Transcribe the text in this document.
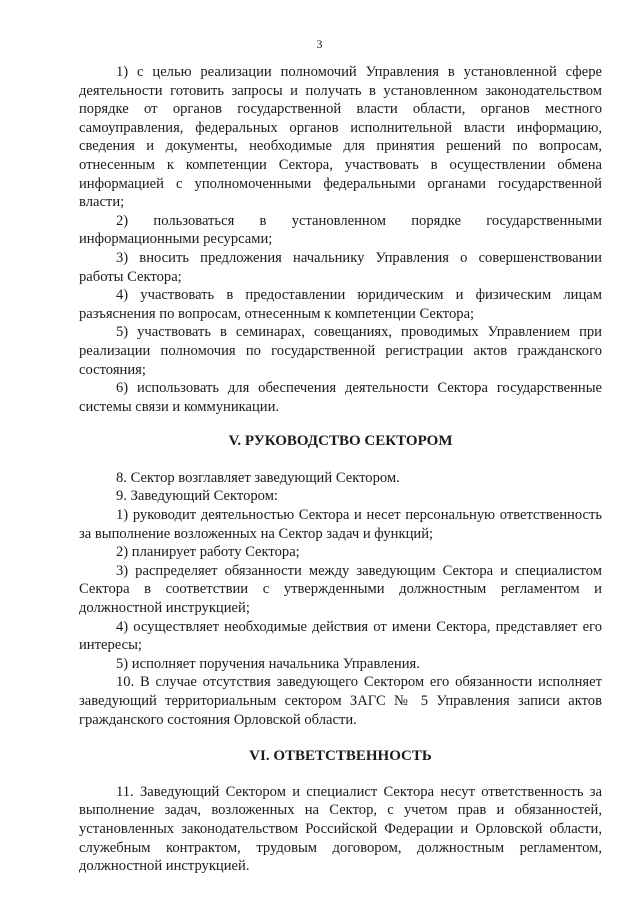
3

1) с целью реализации полномочий Управления в установленной сфере деятельности готовить запросы и получать в установленном законодательством порядке от органов государственной власти области, органов местного самоуправления, федеральных органов исполнительной власти информацию, сведения и документы, необходимые для принятия решений по вопросам, отнесенным к компетенции Сектора, участвовать в осуществлении обмена информацией с уполномоченными федеральными органами государственной власти;

2) пользоваться в установленном порядке государственными информационными ресурсами;

3) вносить предложения начальнику Управления о совершенствовании работы Сектора;

4) участвовать в предоставлении юридическим и физическим лицам разъяснения по вопросам, отнесенным к компетенции Сектора;

5) участвовать в семинарах, совещаниях, проводимых Управлением при реализации полномочия по государственной регистрации актов гражданского состояния;

6) использовать для обеспечения деятельности Сектора государственные системы связи и коммуникации.

V. РУКОВОДСТВО СЕКТОРОМ

8. Сектор возглавляет заведующий Сектором.

9. Заведующий Сектором:

1) руководит деятельностью Сектора и несет персональную ответственность за выполнение возложенных на Сектор задач и функций;

2) планирует работу Сектора;

3) распределяет обязанности между заведующим Сектора и специалистом Сектора в соответствии с утвержденными должностным регламентом и должностной инструкцией;

4) осуществляет необходимые действия от имени Сектора, представляет его интересы;

5) исполняет поручения начальника Управления.

10. В случае отсутствия заведующего Сектором его обязанности исполняет заведующий территориальным сектором ЗАГС № 5 Управления записи актов гражданского состояния Орловской области.

VI. ОТВЕТСТВЕННОСТЬ

11. Заведующий Сектором и специалист Сектора несут ответственность за выполнение задач, возложенных на Сектор, с учетом прав и обязанностей, установленных законодательством Российской Федерации и Орловской области, служебным контрактом, трудовым договором, должностным регламентом, должностной инструкцией.
